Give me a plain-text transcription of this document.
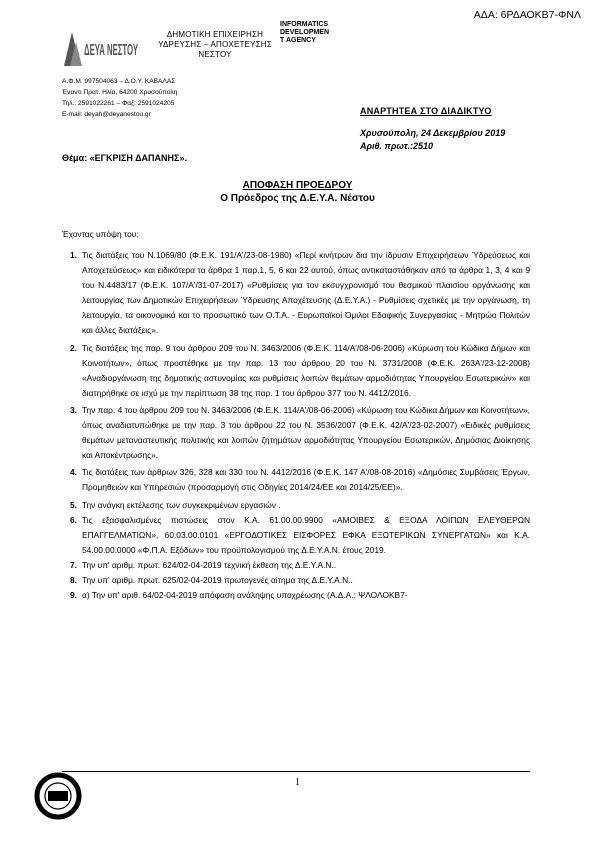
ΑΔΑ: 6ΡΔΑΟΚΒ7-ΦΝΛ
ΔΕΥΑ ΝΕΣΤΟΥ
ΔΗΜΟΤΙΚΗ ΕΠΙΧΕΙΡΗΣΗ
ΥΔΡΕΥΣΗΣ – ΑΠΟΧΕΤΕΥΣΗΣ
ΝΕΣΤΟΥ
INFORMATICS
DEVELOPMEN
T AGENCY
Α.Φ.Μ. 997504063 – Δ.Ο.Υ. ΚΑΒΑΛΑΣ
Έναντι Πρατ. Ηλία, 64200 Χρυσούπολη
Τηλ.: 2591022261 – Φαξ: 2591024205
E-mail: deyah@deyanestou.gr	ΑΝΑΡΤΗΤΕΑ ΣΤΟ ΔΙΑΔΙΚΤΥΟ
Χρυσούπολη, 24 Δεκεμβρίου 2019
Αριθ. πρωτ.:2510
Θέμα: «ΕΓΚΡΙΣΗ ΔΑΠΑΝΗΣ».
ΑΠΟΦΑΣΗ ΠΡΟΕΔΡΟΥ
Ο Πρόεδρος της Δ.Ε.Υ.Α. Νέστου
Έχοντας υπόψη του:
1. Τις διατάξεις του Ν.1069/80 (Φ.Ε.Κ. 191/Α'/23-08-1980) «Περί κινήτρων δια την ίδρυσιν Επιχειρήσεων Ύδρεύσεως και Αποχετεύσεως» και ειδικότερα τα άρθρα 1 παρ.1, 5, 6 και 22 αυτού, όπως αντικαταστάθηκαν από τα άρθρα 1, 3, 4 και 9 του Ν.4483/17 (Φ.Ε.Κ. 107/Α'/31-07-2017) «Ρυθμίσεις για τον εκσυγχρονισμό του θεσμικού πλαισίου οργάνωσης και λειτουργίας των Δημοτικών Επιχειρήσεων Ύδρευσης Αποχέτευσης (Δ.Ε.Υ.Α.) - Ρυθμίσεις σχετικές με την οργάνωση, τη λειτουργία, τα οικονομικά και το προσωπικό των Ο.Τ.Α. - Ευρωπαϊκοί Όμιλοι Εδαφικής Συνεργασίας - Μητρώο Πολιτών και άλλες διατάξεις».
2. Τις διατάξεις της παρ. 9 του άρθρου 209 του Ν. 3463/2006 (Φ.Ε.Κ. 114/Α'/08-06-2006) «Κύρωση του Κώδικα Δήμων και Κοινοτήτων», όπως προστέθηκε με την παρ. 13 του άρθρου 20 του Ν. 3731/2008 (Φ.Ε.Κ. 263Α'/23-12-2008) «Αναδιοργάνωση της δημοτικής αστυνομίας και ρυθμίσεις λοιπών θεμάτων αρμοδιότητας Υπουργείου Εσωτερικών» και διατηρήθηκε σε ισχύ με την περίπτωση 38 της παρ. 1 του άρθρου 377 του Ν. 4412/2016.
3. Την παρ. 4 του άρθρου 209 του Ν. 3463/2006 (Φ.Ε.Κ. 114/Α'/08-06-2006) «Κύρωση του Κώδικα Δήμων και Κοινοτήτων», όπως αναδιατυπώθηκε με την παρ. 3 του άρθρου 22 του Ν. 3536/2007 (Φ.Ε.Κ. 42/Α'/23-02-2007) «Ειδικές ρυθμίσεις θεμάτων μεταναστευτικής πολιτικής και λοιπών ζητημάτων αρμοδιότητας Υπουργείου Εσωτερικών, Δημόσιας Διοίκησης και Αποκέντρωσης».
4. Τις διατάξεις των άρθρων 326, 328 και 330 του Ν. 4412/2016 (Φ.Ε.Κ. 147 Α'/08-08-2016) «Δημόσιες Συμβάσεις Έργων, Προμηθειών και Υπηρεσιών (προσαρμογή στις Οδηγίες 2014/24/ΕΕ και 2014/25/ΕΕ)».
5. Την ανάγκη εκτέλεσης των συγκεκριμένων εργασιών .
6. Τις εξασφαλισμένες πιστώσεις στον Κ.Α. 61.00.00.9900 «ΑΜΟΙΒΕΣ & ΕΞΟΔΑ ΛΟΙΠΩΝ ΕΛΕΥΘΕΡΩΝ ΕΠΑΓΓΕΛΜΑΤΙΩΝ», 60.03.00.0101 «ΕΡΓΟΔΟΤΙΚΕΣ ΕΙΣΦΟΡΕΣ ΕΦΚΑ ΕΞΩΤΕΡΙΚΩΝ ΣΥΝΕΡΓΑΤΩΝ» και Κ.Α. 54.00.00.0000 «Φ.Π.Α. Εξόδων» του προϋπολογισμού της Δ.Ε.Υ.Α.Ν. έτους 2019.
7. Την υπ' αριθμ. πρωτ. 624/02-04-2019 τεχνική έκθεση της Δ.Ε.Υ.Α.Ν..
8. Την υπ' αριθμ. πρωτ. 625/02-04-2019 πρωτογενές αίτημα της Δ.Ε.Υ.Α.Ν..
9. α) Την υπ' αριθ. 64/02-04-2019 απόφαση ανάληψης υποχρέωσης (Α.Δ.Α.: ΨΛΟΛΟΚΒ7-
1
